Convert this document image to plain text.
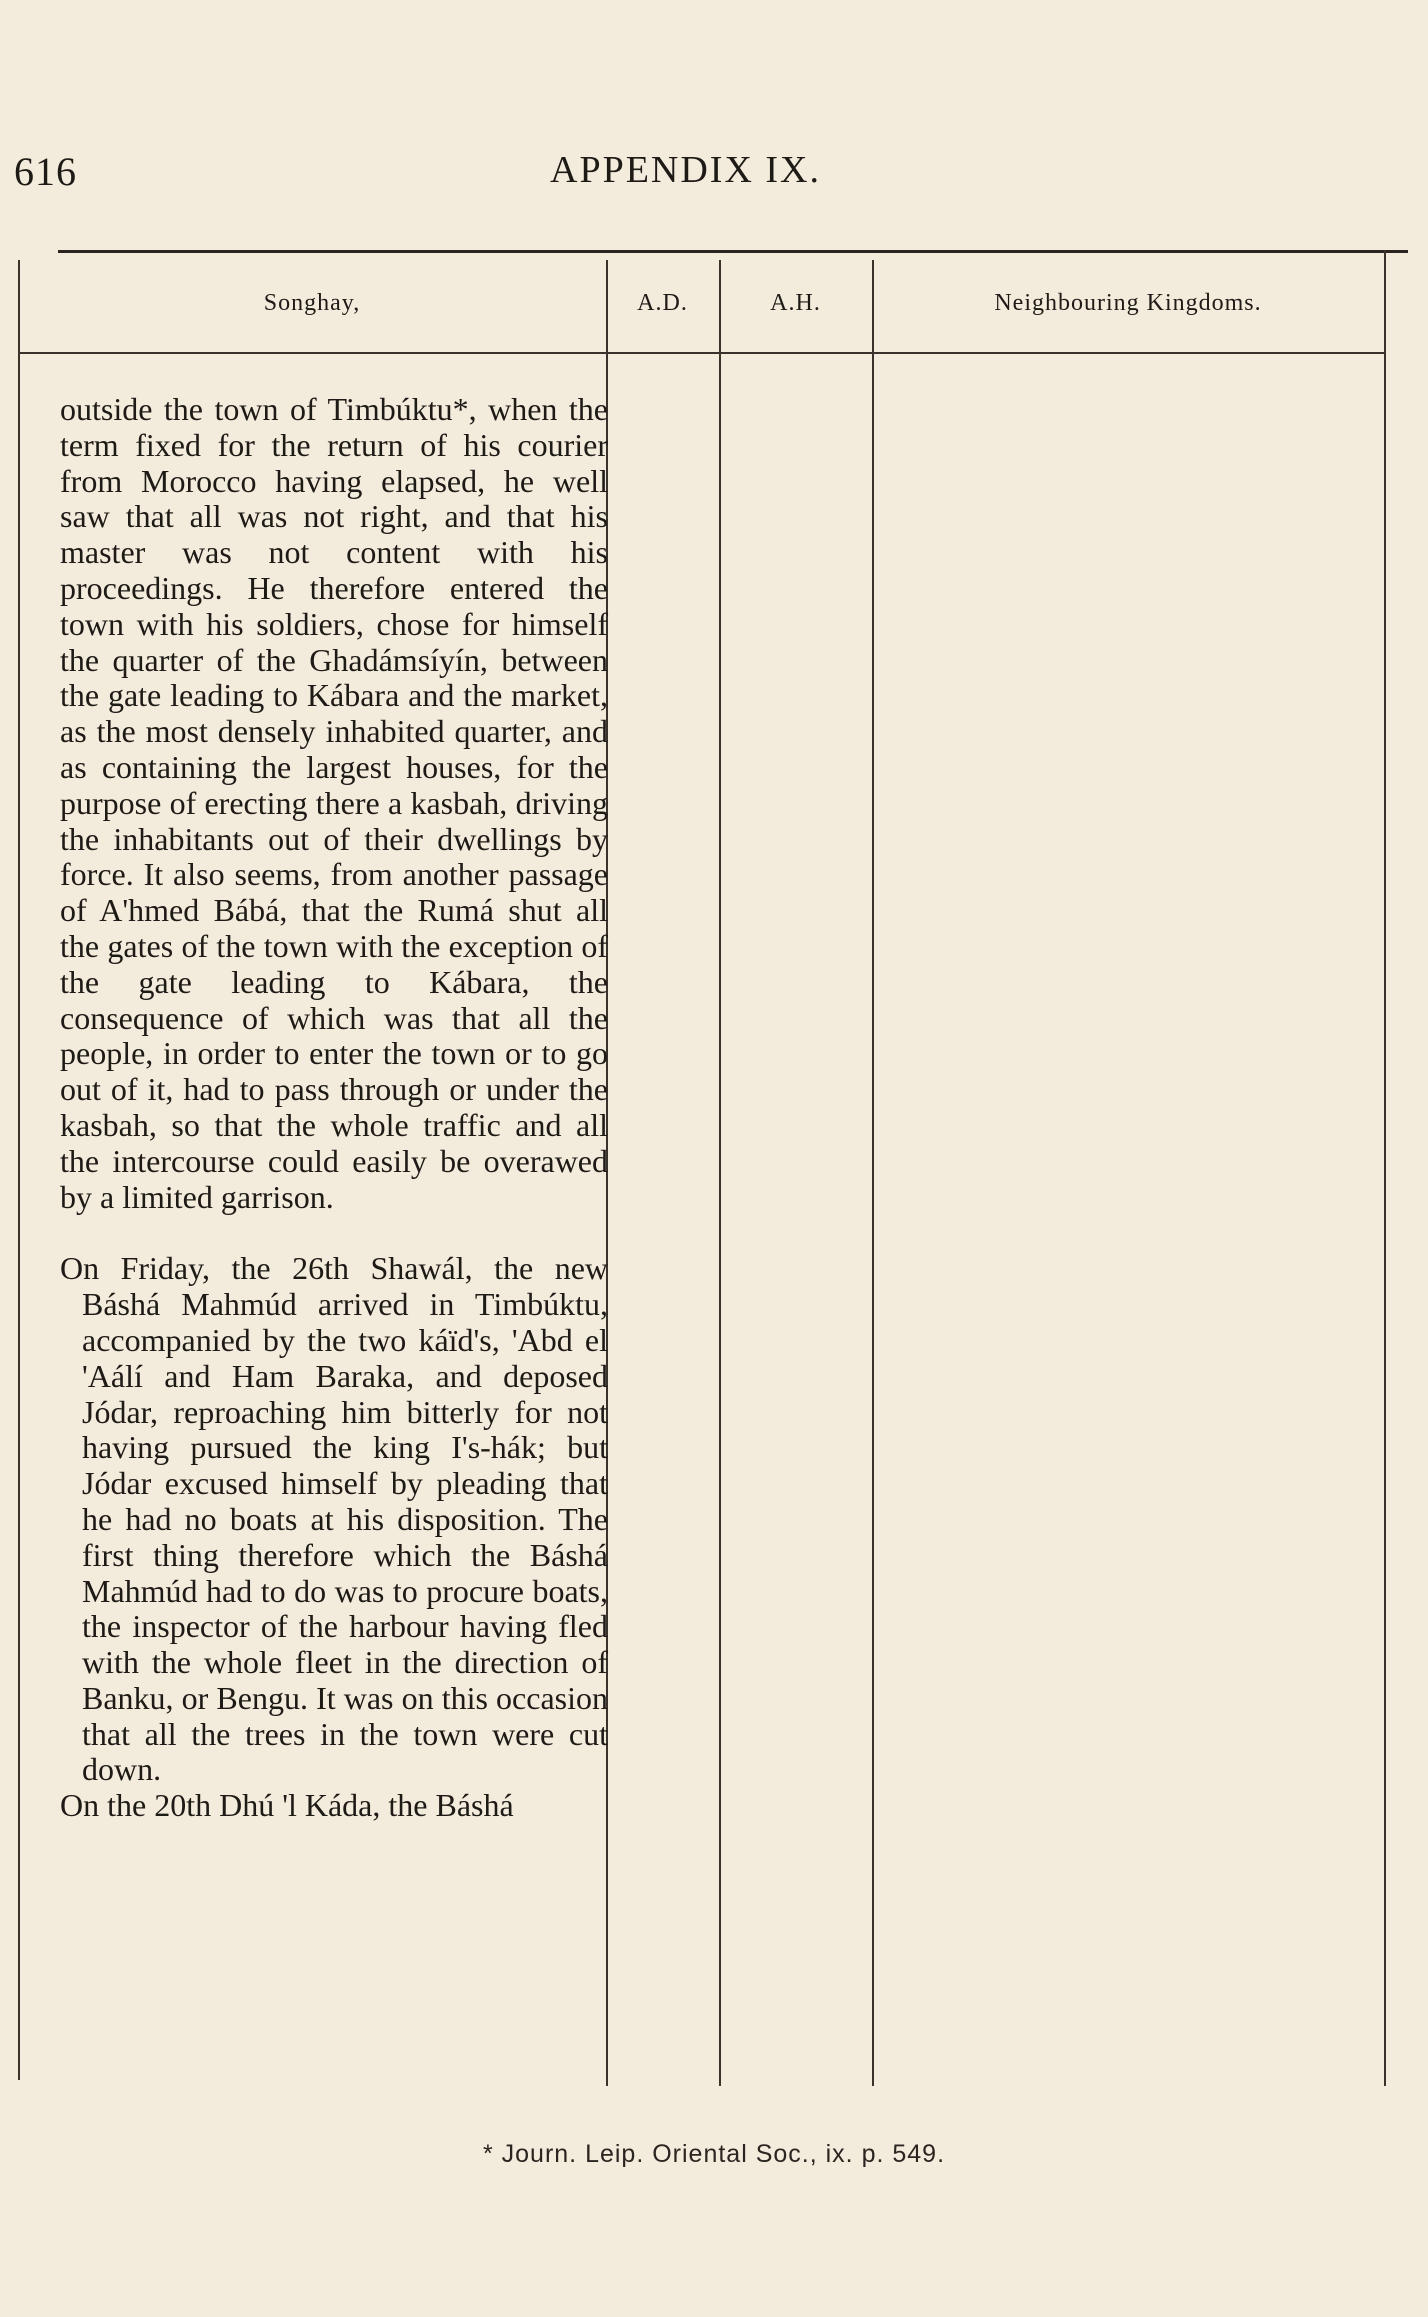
616	APPENDIX IX.
Songhay,	A.D.	A.H.	Neighbouring Kingdoms.

outside the town of Timbúktu*, when the term fixed for the return of his courier from Morocco having elapsed, he well saw that all was not right, and that his master was not content with his proceedings. He therefore entered the town with his soldiers, chose for himself the quarter of the Ghadámsíyín, between the gate leading to Kábara and the market, as the most densely inhabited quarter, and as containing the largest houses, for the purpose of erecting there a kasbah, driving the inhabitants out of their dwellings by force. It also seems, from another passage of A'hmed Bábá, that the Rumá shut all the gates of the town with the exception of the gate leading to Kábara, the consequence of which was that all the people, in order to enter the town or to go out of it, had to pass through or under the kasbah, so that the whole traffic and all the intercourse could easily be overawed by a limited garrison.

On Friday, the 26th Shawál, the new Báshá Mahmúd arrived in Timbúktu, accompanied by the two káïd's, 'Abd el 'Aálí and Ham Baraka, and deposed Jódar, reproaching him bitterly for not having pursued the king I's-hák; but Jódar excused himself by pleading that he had no boats at his disposition. The first thing therefore which the Báshá Mahmúd had to do was to procure boats, the inspector of the harbour having fled with the whole fleet in the direction of Banku, or Bengu. It was on this occasion that all the trees in the town were cut down.

On the 20th Dhú 'l Káda, the Báshá

* Journ. Leip. Oriental Soc., ix. p. 549.
